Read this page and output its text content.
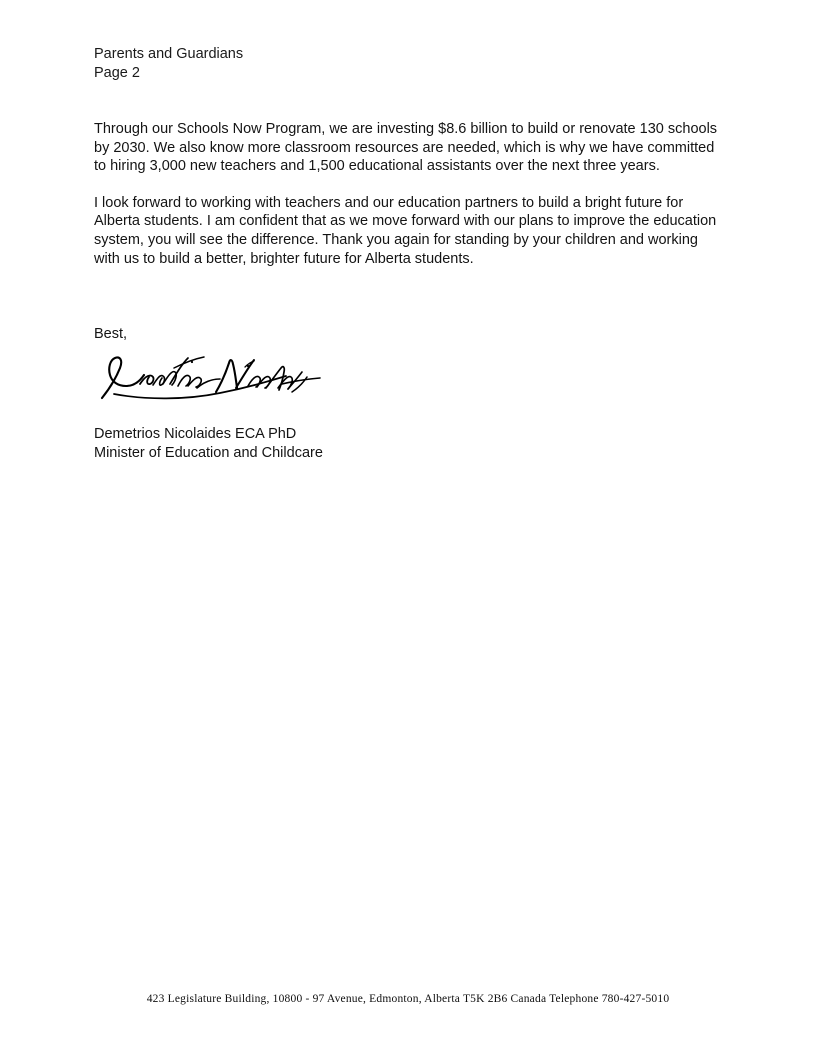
Parents and Guardians
Page 2

Through our Schools Now Program, we are investing $8.6 billion to build or renovate 130 schools by 2030. We also know more classroom resources are needed, which is why we have committed to hiring 3,000 new teachers and 1,500 educational assistants over the next three years.

I look forward to working with teachers and our education partners to build a bright future for Alberta students. I am confident that as we move forward with our plans to improve the education system, you will see the difference. Thank you again for standing by your children and working with us to build a better, brighter future for Alberta students.

Best,
Demetrios Nicolaides ECA PhD
Minister of Education and Childcare
423 Legislature Building, 10800 - 97 Avenue, Edmonton, Alberta T5K 2B6 Canada Telephone 780-427-5010
